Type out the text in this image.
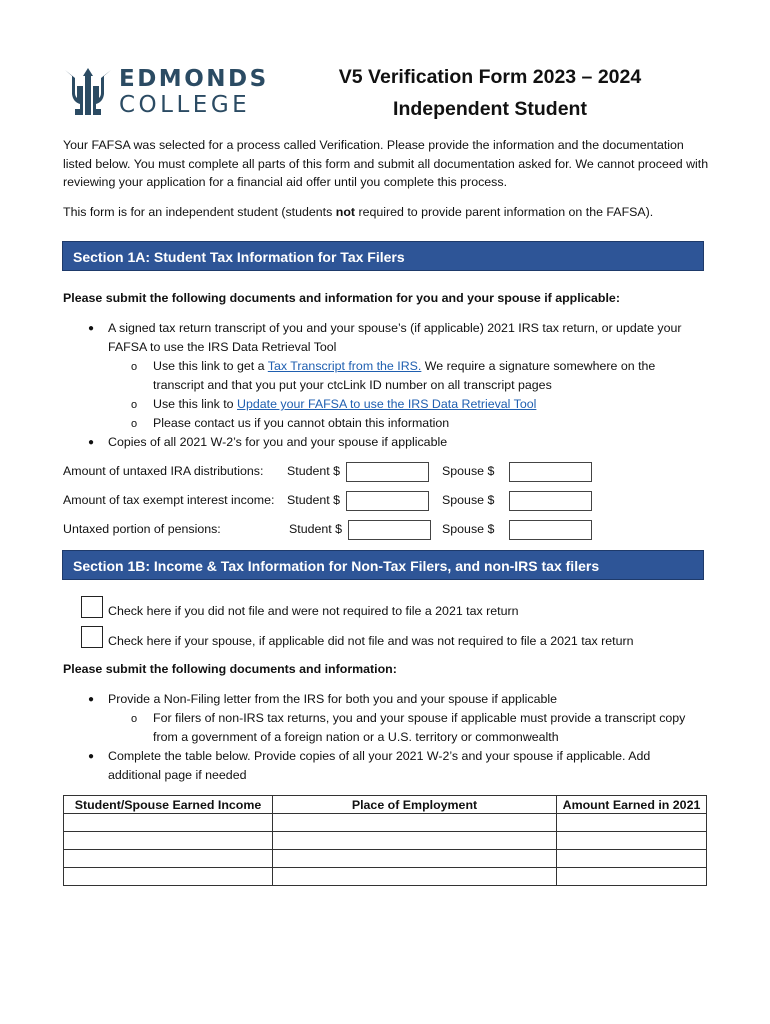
EDMONDS
COLLEGE
V5 Verification Form 2023 – 2024
Independent Student
Your FAFSA was selected for a process called Verification. Please provide the information and the documentation listed below. You must complete all parts of this form and submit all documentation asked for. We cannot proceed with reviewing your application for a financial aid offer until you complete this process.
This form is for an independent student (students not required to provide parent information on the FAFSA).
Section 1A: Student Tax Information for Tax Filers
Please submit the following documents and information for you and your spouse if applicable:
● A signed tax return transcript of you and your spouse’s (if applicable) 2021 IRS tax return, or update your
FAFSA to use the IRS Data Retrieval Tool
o Use this link to get a Tax Transcript from the IRS. We require a signature somewhere on the
transcript and that you put your ctcLink ID number on all transcript pages
o Use this link to Update your FAFSA to use the IRS Data Retrieval Tool
o Please contact us if you cannot obtain this information
● Copies of all 2021 W-2’s for you and your spouse if applicable
Amount of untaxed IRA distributions: Student $	Spouse $
Amount of tax exempt interest income: Student $	Spouse $
Untaxed portion of pensions:	Student $	Spouse $
Section 1B: Income & Tax Information for Non-Tax Filers, and non-IRS tax filers
Check here if you did not file and were not required to file a 2021 tax return
Check here if your spouse, if applicable did not file and was not required to file a 2021 tax return
Please submit the following documents and information:
● Provide a Non-Filing letter from the IRS for both you and your spouse if applicable
o For filers of non-IRS tax returns, you and your spouse if applicable must provide a transcript copy
from a government of a foreign nation or a U.S. territory or commonwealth
● Complete the table below. Provide copies of all your 2021 W-2’s and your spouse if applicable. Add
additional page if needed
Student/Spouse Earned Income	Place of Employment	Amount Earned in 2021
